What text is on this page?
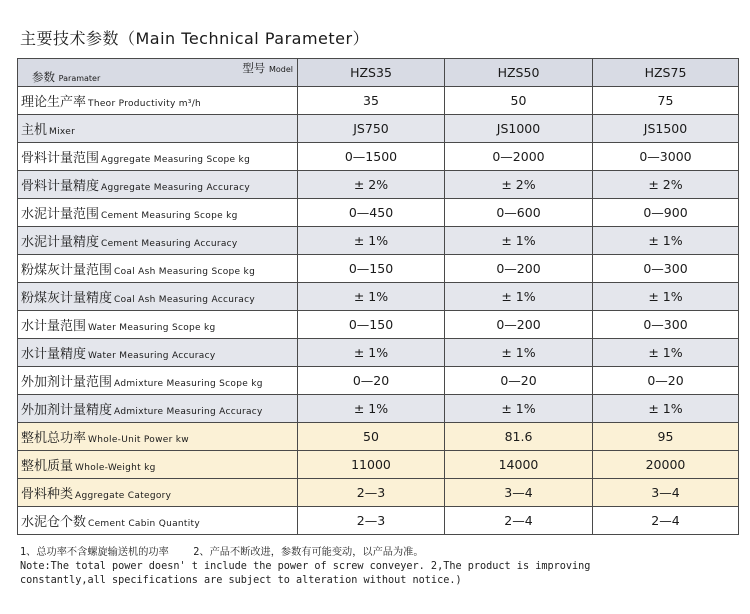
主要技术参数（Main Technical Parameter）
型号 Model
参数 Paramater	HZS35	HZS50	HZS75
理论生产率 Theor Productivity m³/h	35	50	75
主机 Mixer	JS750	JS1000	JS1500
骨料计量范围 Aggregate Measuring Scope kg	0—1500	0—2000	0—3000
骨料计量精度 Aggregate Measuring Accuracy	± 2%	± 2%	± 2%
水泥计量范围 Cement Measuring Scope kg	0—450	0—600	0—900
水泥计量精度 Cement Measuring Accuracy	± 1%	± 1%	± 1%
粉煤灰计量范围 Coal Ash Measuring Scope kg	0—150	0—200	0—300
粉煤灰计量精度 Coal Ash Measuring Accuracy	± 1%	± 1%	± 1%
水计量范围 Water Measuring Scope kg	0—150	0—200	0—300
水计量精度 Water Measuring Accuracy	± 1%	± 1%	± 1%
外加剂计量范围 Admixture Measuring Scope kg	0—20	0—20	0—20
外加剂计量精度 Admixture Measuring Accuracy	± 1%	± 1%	± 1%
整机总功率 Whole-Unit Power kw	50	81.6	95
整机质量 Whole-Weight kg	11000	14000	20000
骨料种类 Aggregate Category	2—3	3—4	3—4
水泥仓个数 Cement Cabin Quantity	2—3	2—4	2—4
1、总功率不含螺旋输送机的功率    2、产品不断改进，参数有可能变动，以产品为准。
Note:The total power doesn' t include the power of screw conveyer. 2,The product is improving
constantly,all specifications are subject to alteration without notice.)
